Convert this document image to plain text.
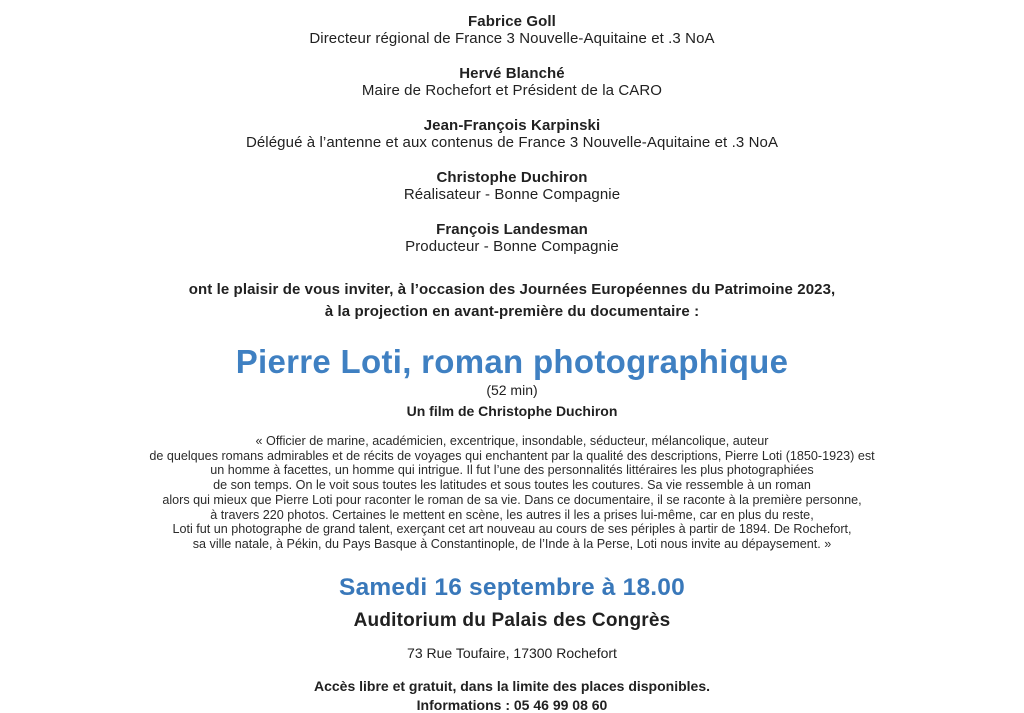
Fabrice Goll
Directeur régional de France 3 Nouvelle-Aquitaine et .3 NoA
Hervé Blanché
Maire de Rochefort et Président de la CARO
Jean-François Karpinski
Délégué à l’antenne et aux contenus de France 3 Nouvelle-Aquitaine et .3 NoA
Christophe Duchiron
Réalisateur - Bonne Compagnie
François Landesman
Producteur - Bonne Compagnie

ont le plaisir de vous inviter, à l’occasion des Journées Européennes du Patrimoine 2023,

à la projection en avant-première du documentaire :

Pierre Loti, roman photographique
(52 min)
Un film de Christophe Duchiron
« Officier de marine, académicien, excentrique, insondable, séducteur, mélancolique, auteur
de quelques romans admirables et de récits de voyages qui enchantent par la qualité des descriptions, Pierre Loti (1850-1923) est
un homme à facettes, un homme qui intrigue. Il fut l’une des personnalités littéraires les plus photographiées
de son temps. On le voit sous toutes les latitudes et sous toutes les coutures. Sa vie ressemble à un roman
alors qui mieux que Pierre Loti pour raconter le roman de sa vie. Dans ce documentaire, il se raconte à la première personne,
à travers 220 photos. Certaines le mettent en scène, les autres il les a prises lui-même, car en plus du reste,
Loti fut un photographe de grand talent, exerçant cet art nouveau au cours de ses périples à partir de 1894. De Rochefort,
sa ville natale, à Pékin, du Pays Basque à Constantinople, de l’Inde à la Perse, Loti nous invite au dépaysement. »
Samedi 16 septembre à 18.00
Auditorium du Palais des Congrès
73 Rue Toufaire, 17300 Rochefort
Accès libre et gratuit, dans la limite des places disponibles.
Informations : 05 46 99 08 60
